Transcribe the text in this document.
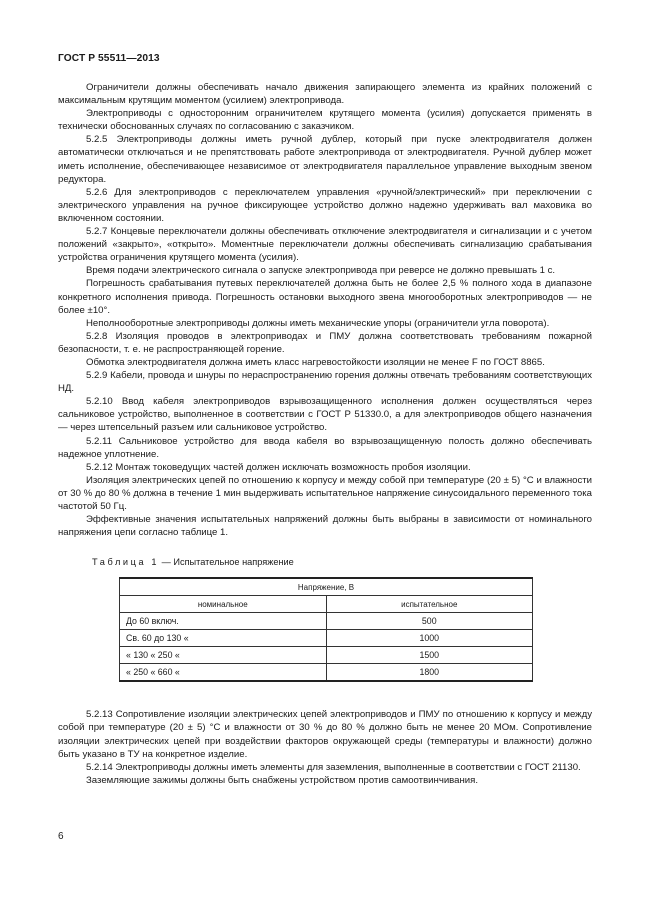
ГОСТ Р 55511—2013

Ограничители должны обеспечивать начало движения запирающего элемента из крайних положений с максимальным крутящим моментом (усилием) электропривода.

Электроприводы с односторонним ограничителем крутящего момента (усилия) допускается применять в технически обоснованных случаях по согласованию с заказчиком.

5.2.5 Электроприводы должны иметь ручной дублер, который при пуске электродвигателя должен автоматически отключаться и не препятствовать работе электропривода от электродвигателя. Ручной дублер может иметь исполнение, обеспечивающее независимое от электродвигателя параллельное управление выходным звеном редуктора.

5.2.6 Для электроприводов с переключателем управления «ручной/электрический» при переключении с электрического управления на ручное фиксирующее устройство должно надежно удерживать вал маховика во включенном состоянии.

5.2.7 Концевые переключатели должны обеспечивать отключение электродвигателя и сигнализации и с учетом положений «закрыто», «открыто». Моментные переключатели должны обеспечивать сигнализацию срабатывания устройства ограничения крутящего момента (усилия).

Время подачи электрического сигнала о запуске электропривода при реверсе не должно превышать 1 с.

Погрешность срабатывания путевых переключателей должна быть не более 2,5 % полного хода в диапазоне конкретного исполнения привода. Погрешность остановки выходного звена многооборотных электроприводов — не более ±10°.

Неполнооборотные электроприводы должны иметь механические упоры (ограничители угла поворота).

5.2.8 Изоляция проводов в электроприводах и ПМУ должна соответствовать требованиям пожарной безопасности, т. е. не распространяющей горение.

Обмотка электродвигателя должна иметь класс нагревостойкости изоляции не менее F по ГОСТ 8865.

5.2.9 Кабели, провода и шнуры по нераспространению горения должны отвечать требованиям соответствующих НД.

5.2.10 Ввод кабеля электроприводов взрывозащищенного исполнения должен осуществляться через сальниковое устройство, выполненное в соответствии с ГОСТ Р 51330.0, а для электроприводов общего назначения — через штепсельный разъем или сальниковое устройство.

5.2.11 Сальниковое устройство для ввода кабеля во взрывозащищенную полость должно обеспечивать надежное уплотнение.

5.2.12 Монтаж токоведущих частей должен исключать возможность пробоя изоляции.

Изоляция электрических цепей по отношению к корпусу и между собой при температуре (20 ± 5) °С и влажности от 30 % до 80 % должна в течение 1 мин выдерживать испытательное напряжение синусоидального переменного тока частотой 50 Гц.

Эффективные значения испытательных напряжений должны быть выбраны в зависимости от номинального напряжения цепи согласно таблице 1.

Таблица 1 — Испытательное напряжение
Напряжение, В	
номинальное	испытательное
До 60 включ.	500
Св. 60 до 130 «	1000
« 130 « 250 «	1500
« 250 « 660 «	1800

5.2.13 Сопротивление изоляции электрических цепей электроприводов и ПМУ по отношению к корпусу и между собой при температуре (20 ± 5) °С и влажности от 30 % до 80 % должно быть не менее 20 МОм. Сопротивление изоляции электрических цепей при воздействии факторов окружающей среды (температуры и влажности) должно быть указано в ТУ на конкретное изделие.

5.2.14 Электроприводы должны иметь элементы для заземления, выполненные в соответствии с ГОСТ 21130.

Заземляющие зажимы должны быть снабжены устройством против самоотвинчивания.

6
